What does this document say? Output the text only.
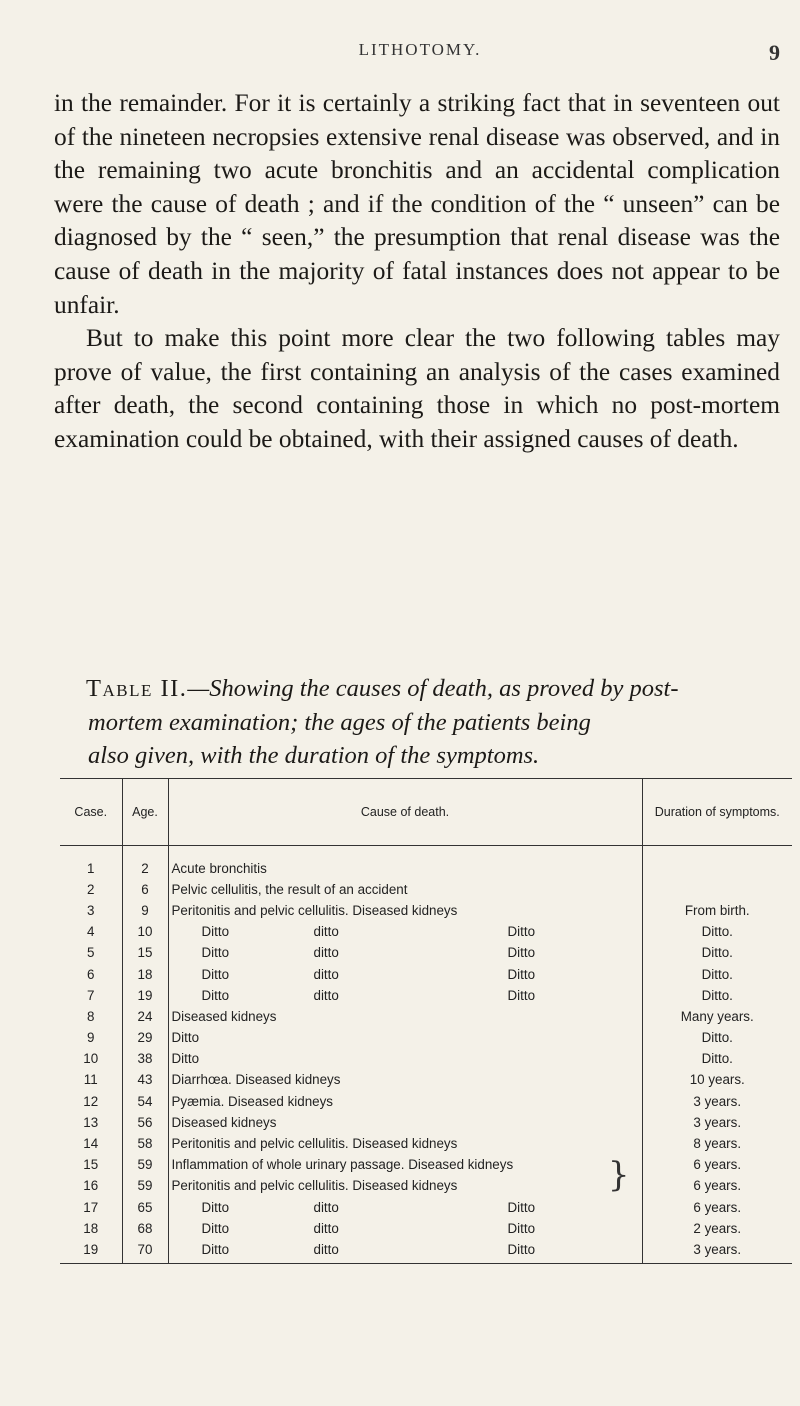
LITHOTOMY.	9

in the remainder. For it is certainly a striking fact that in seventeen out of the nineteen necropsies extensive renal disease was observed, and in the remaining two acute bronchitis and an accidental complication were the cause of death ; and if the condition of the “ unseen” can be diagnosed by the “ seen,” the presumption that renal disease was the cause of death in the majority of fatal instances does not appear to be unfair.

But to make this point more clear the two following tables may prove of value, the first containing an analysis of the cases examined after death, the second containing those in which no post-mortem examination could be obtained, with their assigned causes of death.

Table II.—Showing the causes of death, as proved by post-
mortem examination; the ages of the patients being
also given, with the duration of the symptoms.
Case.	Age.	Cause of death.	Duration of symptoms.
1	2	Acute bronchitis	
2	6	Pelvic cellulitis, the result of an accident	
3	9	Peritonitis and pelvic cellulitis. Diseased kidneys	From birth.
4	10	Ditto ditto Ditto	Ditto.
5	15	Ditto ditto Ditto	Ditto.
6	18	Ditto ditto Ditto	Ditto.
7	19	Ditto ditto Ditto	Ditto.
8	24	Diseased kidneys	Many years.
9	29	Ditto	Ditto.
10	38	Ditto	Ditto.
11	43	Diarrhœa. Diseased kidneys	10 years.
12	54	Pyæmia. Diseased kidneys	3 years.
13	56	Diseased kidneys	3 years.
14	58	Peritonitis and pelvic cellulitis. Diseased kidneys	8 years.
15	59	Inflammation of whole urinary passage. Diseased kidneys }	6 years.
16	59	Peritonitis and pelvic cellulitis. Diseased kidneys	6 years.
17	65	Ditto ditto Ditto	6 years.
18	68	Ditto ditto Ditto	2 years.
19	70	Ditto ditto Ditto	3 years.
